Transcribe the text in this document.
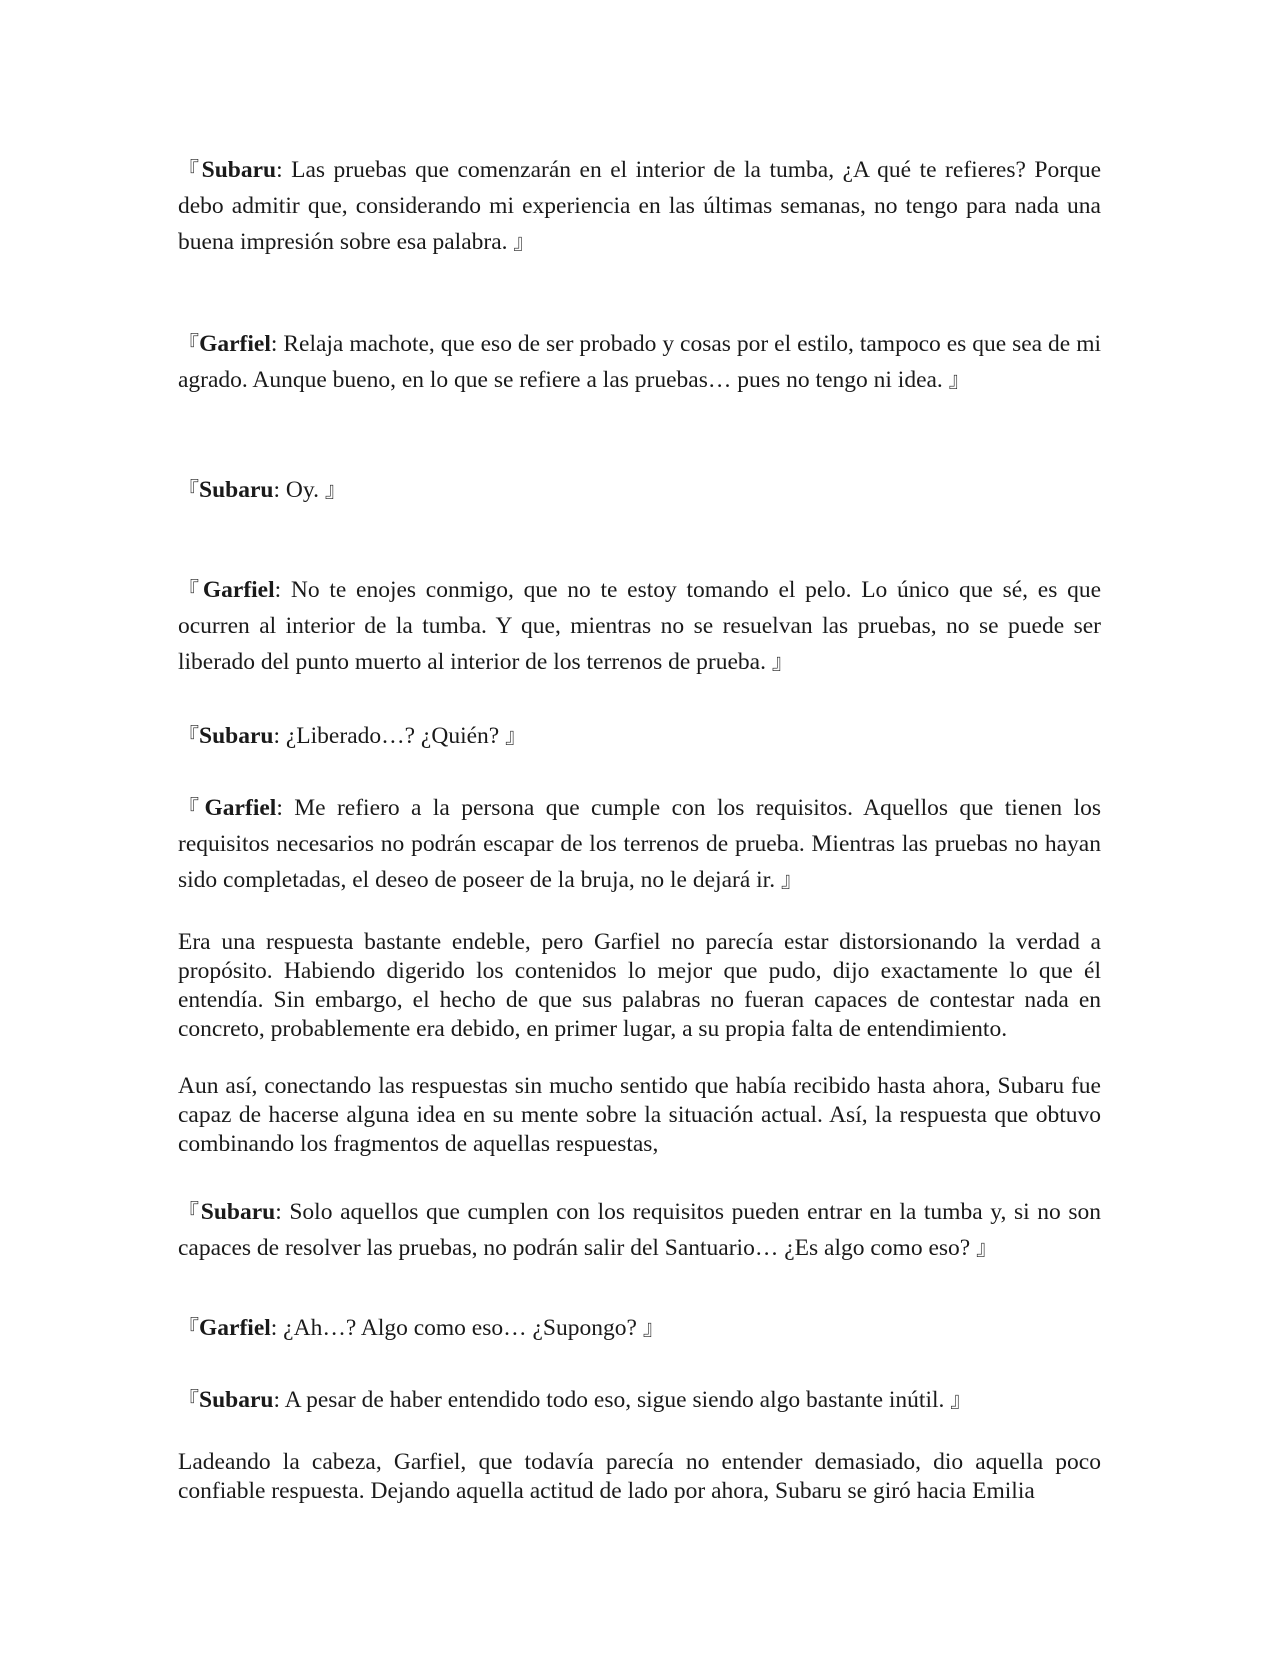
『Subaru: Las pruebas que comenzarán en el interior de la tumba, ¿A qué te refieres? Porque debo admitir que, considerando mi experiencia en las últimas semanas, no tengo para nada una buena impresión sobre esa palabra. 』

『Garfiel: Relaja machote, que eso de ser probado y cosas por el estilo, tampoco es que sea de mi agrado. Aunque bueno, en lo que se refiere a las pruebas… pues no tengo ni idea. 』

『Subaru: Oy. 』

『Garfiel: No te enojes conmigo, que no te estoy tomando el pelo. Lo único que sé, es que ocurren al interior de la tumba. Y que, mientras no se resuelvan las pruebas, no se puede ser liberado del punto muerto al interior de los terrenos de prueba. 』

『Subaru: ¿Liberado…? ¿Quién? 』

『Garfiel: Me refiero a la persona que cumple con los requisitos. Aquellos que tienen los requisitos necesarios no podrán escapar de los terrenos de prueba. Mientras las pruebas no hayan sido completadas, el deseo de poseer de la bruja, no le dejará ir. 』

Era una respuesta bastante endeble, pero Garfiel no parecía estar distorsionando la verdad a propósito. Habiendo digerido los contenidos lo mejor que pudo, dijo exactamente lo que él entendía. Sin embargo, el hecho de que sus palabras no fueran capaces de contestar nada en concreto, probablemente era debido, en primer lugar, a su propia falta de entendimiento.

Aun así, conectando las respuestas sin mucho sentido que había recibido hasta ahora, Subaru fue capaz de hacerse alguna idea en su mente sobre la situación actual. Así, la respuesta que obtuvo combinando los fragmentos de aquellas respuestas,

『Subaru: Solo aquellos que cumplen con los requisitos pueden entrar en la tumba y, si no son capaces de resolver las pruebas, no podrán salir del Santuario… ¿Es algo como eso? 』

『Garfiel: ¿Ah…? Algo como eso… ¿Supongo? 』

『Subaru: A pesar de haber entendido todo eso, sigue siendo algo bastante inútil. 』

Ladeando la cabeza, Garfiel, que todavía parecía no entender demasiado, dio aquella poco confiable respuesta. Dejando aquella actitud de lado por ahora, Subaru se giró hacia Emilia
